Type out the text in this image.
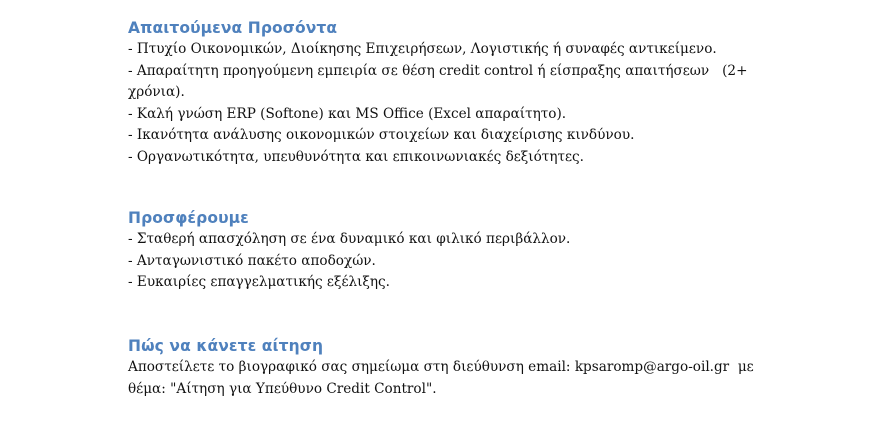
Απαιτούμενα Προσόντα

- Πτυχίο Οικονομικών, Διοίκησης Επιχειρήσεων, Λογιστικής ή συναφές αντικείμενο.

- Απαραίτητη προηγούμενη εμπειρία σε θέση credit control ή είσπραξης απαιτήσεων   (2+

χρόνια).

- Καλή γνώση ERP (Softone) και MS Office (Excel απαραίτητο).

- Ικανότητα ανάλυσης οικονομικών στοιχείων και διαχείρισης κινδύνου.

- Οργανωτικότητα, υπευθυνότητα και επικοινωνιακές δεξιότητες.

Προσφέρουμε

- Σταθερή απασχόληση σε ένα δυναμικό και φιλικό περιβάλλον.

- Ανταγωνιστικό πακέτο αποδοχών.

- Ευκαιρίες επαγγελματικής εξέλιξης.

Πώς να κάνετε αίτηση

Αποστείλετε το βιογραφικό σας σημείωμα στη διεύθυνση email: kpsaromp@argo-oil.gr  με

θέμα: "Αίτηση για Υπεύθυνο Credit Control".
